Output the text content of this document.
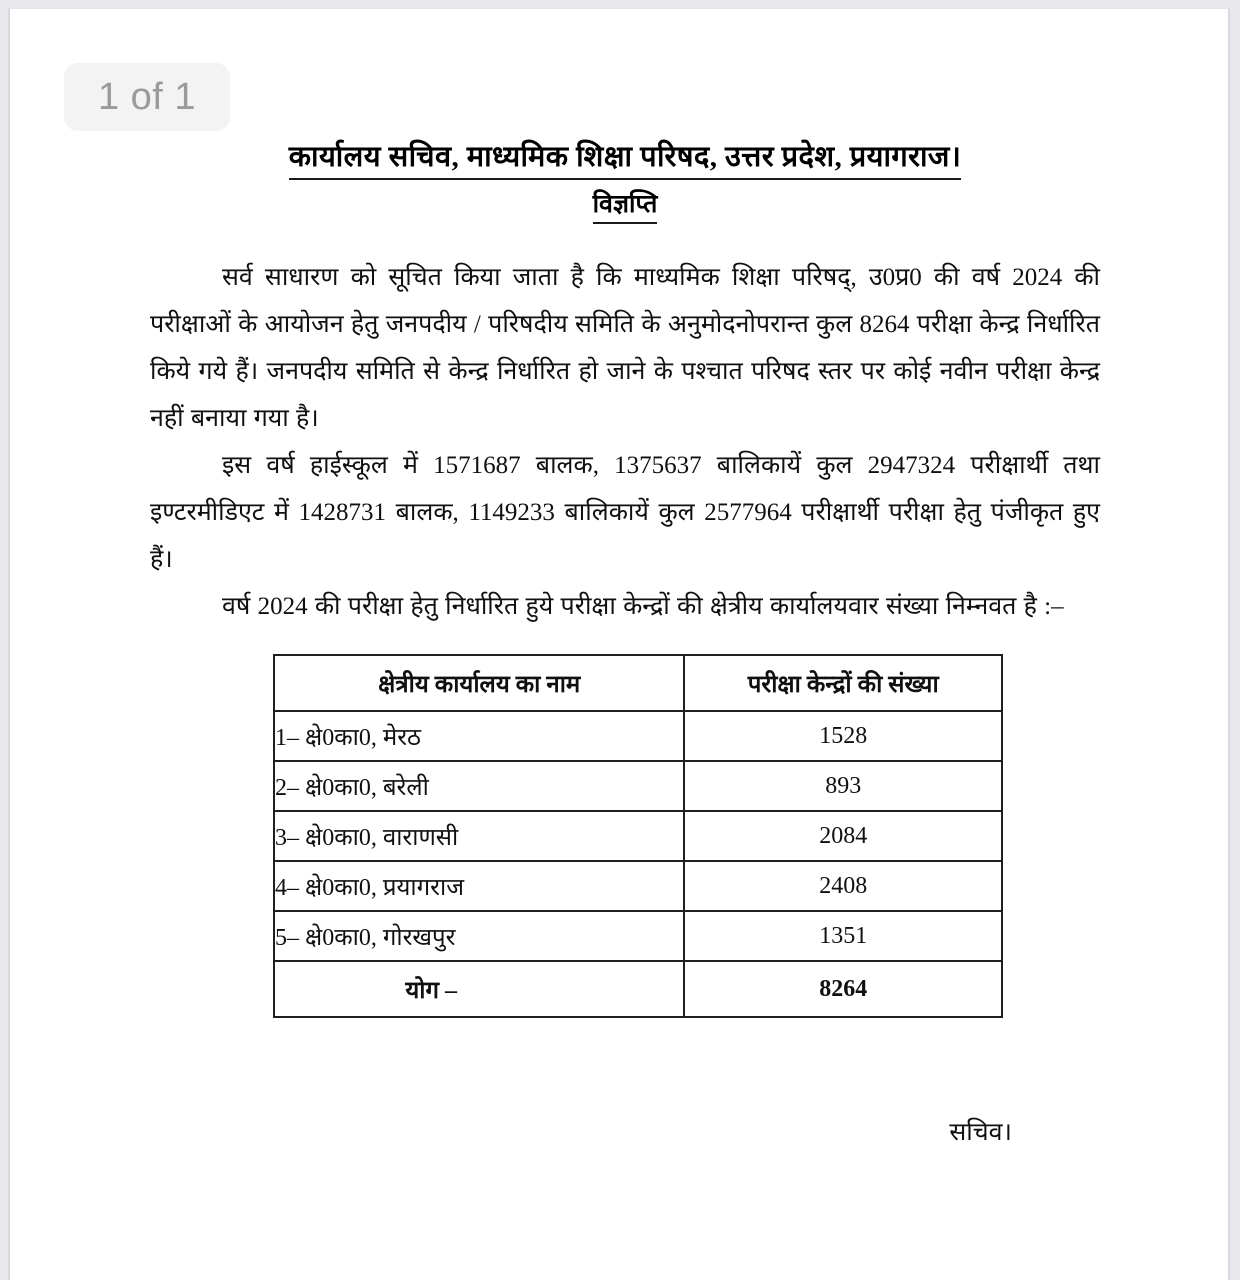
1 of 1
कार्यालय सचिव, माध्यमिक शिक्षा परिषद, उत्तर प्रदेश, प्रयागराज।
विज्ञप्ति

सर्व साधारण को सूचित किया जाता है कि माध्यमिक शिक्षा परिषद्, उ0प्र0 की वर्ष 2024 की परीक्षाओं के आयोजन हेतु जनपदीय / परिषदीय समिति के अनुमोदनोपरान्त कुल 8264 परीक्षा केन्द्र निर्धारित किये गये हैं। जनपदीय समिति से केन्द्र निर्धारित हो जाने के पश्चात परिषद स्तर पर कोई नवीन परीक्षा केन्द्र नहीं बनाया गया है।

इस वर्ष हाईस्कूल में 1571687 बालक, 1375637 बालिकायें कुल 2947324 परीक्षार्थी तथा इण्टरमीडिएट में 1428731 बालक, 1149233 बालिकायें कुल 2577964 परीक्षार्थी परीक्षा हेतु पंजीकृत हुए हैं।

वर्ष 2024 की परीक्षा हेतु निर्धारित हुये परीक्षा केन्द्रों की क्षेत्रीय कार्यालयवार संख्या निम्नवत है :–

क्षेत्रीय कार्यालय का नाम	परीक्षा केन्द्रों की संख्या
1– क्षे0का0, मेरठ	1528
2– क्षे0का0, बरेली	893
3– क्षे0का0, वाराणसी	2084
4– क्षे0का0, प्रयागराज	2408
5– क्षे0का0, गोरखपुर	1351
योग –	8264
सचिव।
